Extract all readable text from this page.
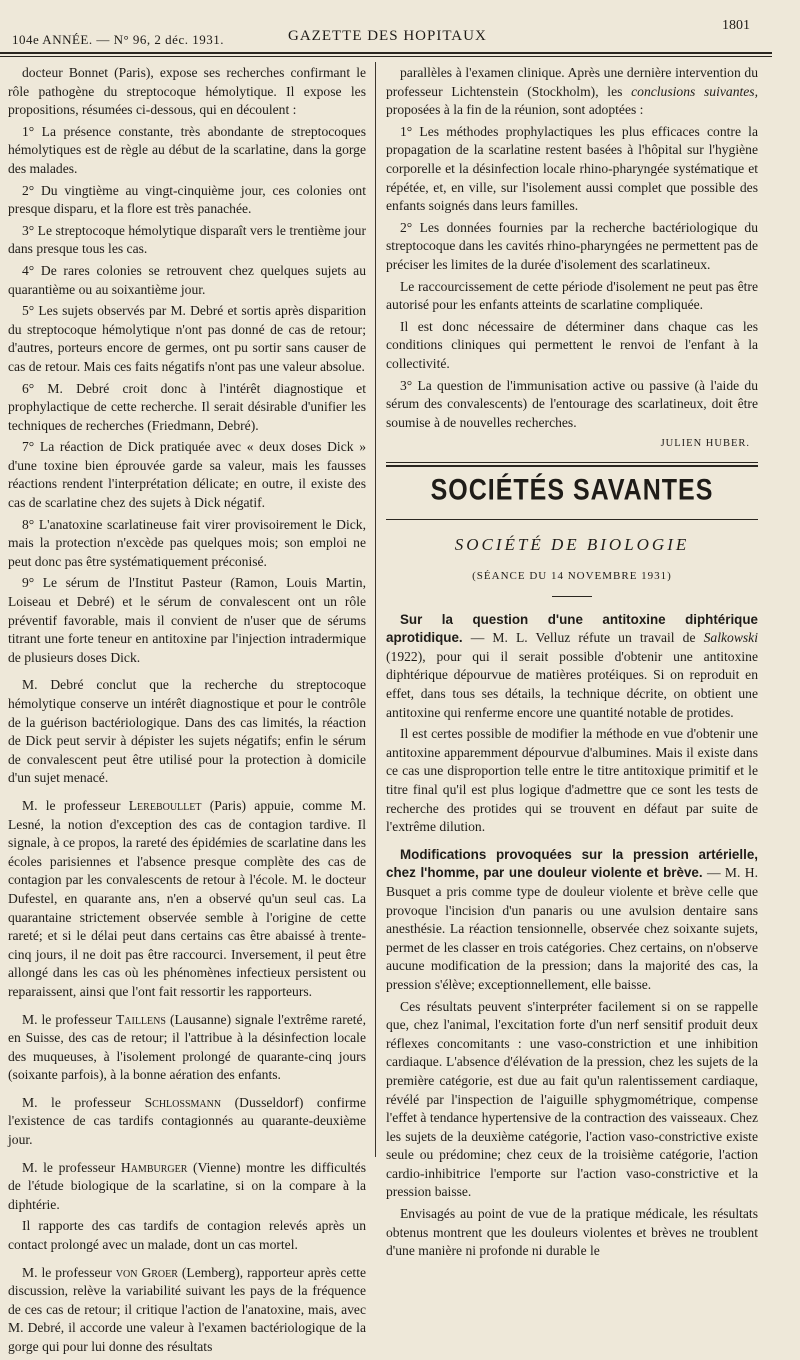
104e ANNÉE. — N° 96, 2 déc. 1931.	GAZETTE DES HOPITAUX
1801

docteur Bonnet (Paris), expose ses recherches confirmant le rôle pathogène du streptocoque hémolytique. Il expose les propositions, résumées ci-dessous, qui en découlent :

1° La présence constante, très abondante de streptocoques hémolytiques est de règle au début de la scarlatine, dans la gorge des malades.

2° Du vingtième au vingt-cinquième jour, ces colonies ont presque disparu, et la flore est très panachée.

3° Le streptocoque hémolytique disparaît vers le trentième jour dans presque tous les cas.

4° De rares colonies se retrouvent chez quelques sujets au quarantième ou au soixantième jour.

5° Les sujets observés par M. Debré et sortis après disparition du streptocoque hémolytique n'ont pas donné de cas de retour; d'autres, porteurs encore de germes, ont pu sortir sans causer de cas de retour. Mais ces faits négatifs n'ont pas une valeur absolue.

6° M. Debré croit donc à l'intérêt diagnostique et prophylactique de cette recherche. Il serait désirable d'unifier les techniques de recherches (Friedmann, Debré).

7° La réaction de Dick pratiquée avec « deux doses Dick » d'une toxine bien éprouvée garde sa valeur, mais les fausses réactions rendent l'interprétation délicate; en outre, il existe des cas de scarlatine chez des sujets à Dick négatif.

8° L'anatoxine scarlatineuse fait virer provisoirement le Dick, mais la protection n'excède pas quelques mois; son emploi ne peut donc pas être systématiquement préconisé.

9° Le sérum de l'Institut Pasteur (Ramon, Louis Martin, Loiseau et Debré) et le sérum de convalescent ont un rôle préventif favorable, mais il convient de n'user que de sérums titrant une forte teneur en antitoxine par l'injection intradermique de plusieurs doses Dick.

M. Debré conclut que la recherche du streptocoque hémolytique conserve un intérêt diagnostique et pour le contrôle de la guérison bactériologique. Dans des cas limités, la réaction de Dick peut servir à dépister les sujets négatifs; enfin le sérum de convalescent peut être utilisé pour la protection à domicile d'un sujet menacé.

M. le professeur Lereboullet (Paris) appuie, comme M. Lesné, la notion d'exception des cas de contagion tardive. Il signale, à ce propos, la rareté des épidémies de scarlatine dans les écoles parisiennes et l'absence presque complète des cas de contagion par les convalescents de retour à l'école. M. le docteur Dufestel, en quarante ans, n'en a observé qu'un seul cas. La quarantaine strictement observée semble à l'origine de cette rareté; et si le délai peut dans certains cas être abaissé à trente-cinq jours, il ne doit pas être raccourci. Inversement, il peut être allongé dans les cas où les phénomènes infectieux persistent ou reparaissent, ainsi que l'ont fait ressortir les rapporteurs.

M. le professeur Taillens (Lausanne) signale l'extrême rareté, en Suisse, des cas de retour; il l'attribue à la désinfection locale des muqueuses, à l'isolement prolongé de quarante-cinq jours (soixante parfois), à la bonne aération des enfants.

M. le professeur Schlossmann (Dusseldorf) confirme l'existence de cas tardifs contagionnés au quarante-deuxième jour.

M. le professeur Hamburger (Vienne) montre les difficultés de l'étude biologique de la scarlatine, si on la compare à la diphtérie.

Il rapporte des cas tardifs de contagion relevés après un contact prolongé avec un malade, dont un cas mortel.

M. le professeur von Groer (Lemberg), rapporteur après cette discussion, relève la variabilité suivant les pays de la fréquence de ces cas de retour; il critique l'action de l'anatoxine, mais, avec M. Debré, il accorde une valeur à l'examen bactériologique de la gorge qui pour lui donne des résultats

parallèles à l'examen clinique. Après une dernière intervention du professeur Lichtenstein (Stockholm), les conclusions suivantes, proposées à la fin de la réunion, sont adoptées :

1° Les méthodes prophylactiques les plus efficaces contre la propagation de la scarlatine restent basées à l'hôpital sur l'hygiène corporelle et la désinfection locale rhino-pharyngée systématique et répétée, et, en ville, sur l'isolement aussi complet que possible des enfants soignés dans leurs familles.

2° Les données fournies par la recherche bactériologique du streptocoque dans les cavités rhino-pharyngées ne permettent pas de préciser les limites de la durée d'isolement des scarlatineux.

Le raccourcissement de cette période d'isolement ne peut pas être autorisé pour les enfants atteints de scarlatine compliquée.

Il est donc nécessaire de déterminer dans chaque cas les conditions cliniques qui permettent le renvoi de l'enfant à la collectivité.

3° La question de l'immunisation active ou passive (à l'aide du sérum des convalescents) de l'entourage des scarlatineux, doit être soumise à de nouvelles recherches.

JULIEN HUBER.
SOCIÉTÉS SAVANTES
SOCIÉTÉ DE BIOLOGIE
(SÉANCE DU 14 NOVEMBRE 1931)

Sur la question d'une antitoxine diphtérique aprotidique. — M. L. Velluz réfute un travail de Salkowski (1922), pour qui il serait possible d'obtenir une antitoxine diphtérique dépourvue de matières protéiques. Si on reproduit en effet, dans tous ses détails, la technique décrite, on obtient une antitoxine qui renferme encore une quantité notable de protides.

Il est certes possible de modifier la méthode en vue d'obtenir une antitoxine apparemment dépourvue d'albumines. Mais il existe dans ce cas une disproportion telle entre le titre antitoxique primitif et le titre final qu'il est plus logique d'admettre que ce sont les tests de recherche des protides qui se trouvent en défaut par suite de l'extrême dilution.

Modifications provoquées sur la pression artérielle, chez l'homme, par une douleur violente et brève. — M. H. Busquet a pris comme type de douleur violente et brève celle que provoque l'incision d'un panaris ou une avulsion dentaire sans anesthésie. La réaction tensionnelle, observée chez soixante sujets, permet de les classer en trois catégories. Chez certains, on n'observe aucune modification de la pression; dans la majorité des cas, la pression s'élève; exceptionnellement, elle baisse.

Ces résultats peuvent s'interpréter facilement si on se rappelle que, chez l'animal, l'excitation forte d'un nerf sensitif produit deux réflexes concomitants : une vaso-constriction et une inhibition cardiaque. L'absence d'élévation de la pression, chez les sujets de la première catégorie, est due au fait qu'un ralentissement cardiaque, révélé par l'inspection de l'aiguille sphygmométrique, compense l'effet à tendance hypertensive de la contraction des vaisseaux. Chez les sujets de la deuxième catégorie, l'action vaso-constrictive existe seule ou prédomine; chez ceux de la troisième catégorie, l'action cardio-inhibitrice l'emporte sur l'action vaso-constrictive et la pression baisse.

Envisagés au point de vue de la pratique médicale, les résultats obtenus montrent que les douleurs violentes et brèves ne troublent d'une manière ni profonde ni durable le
